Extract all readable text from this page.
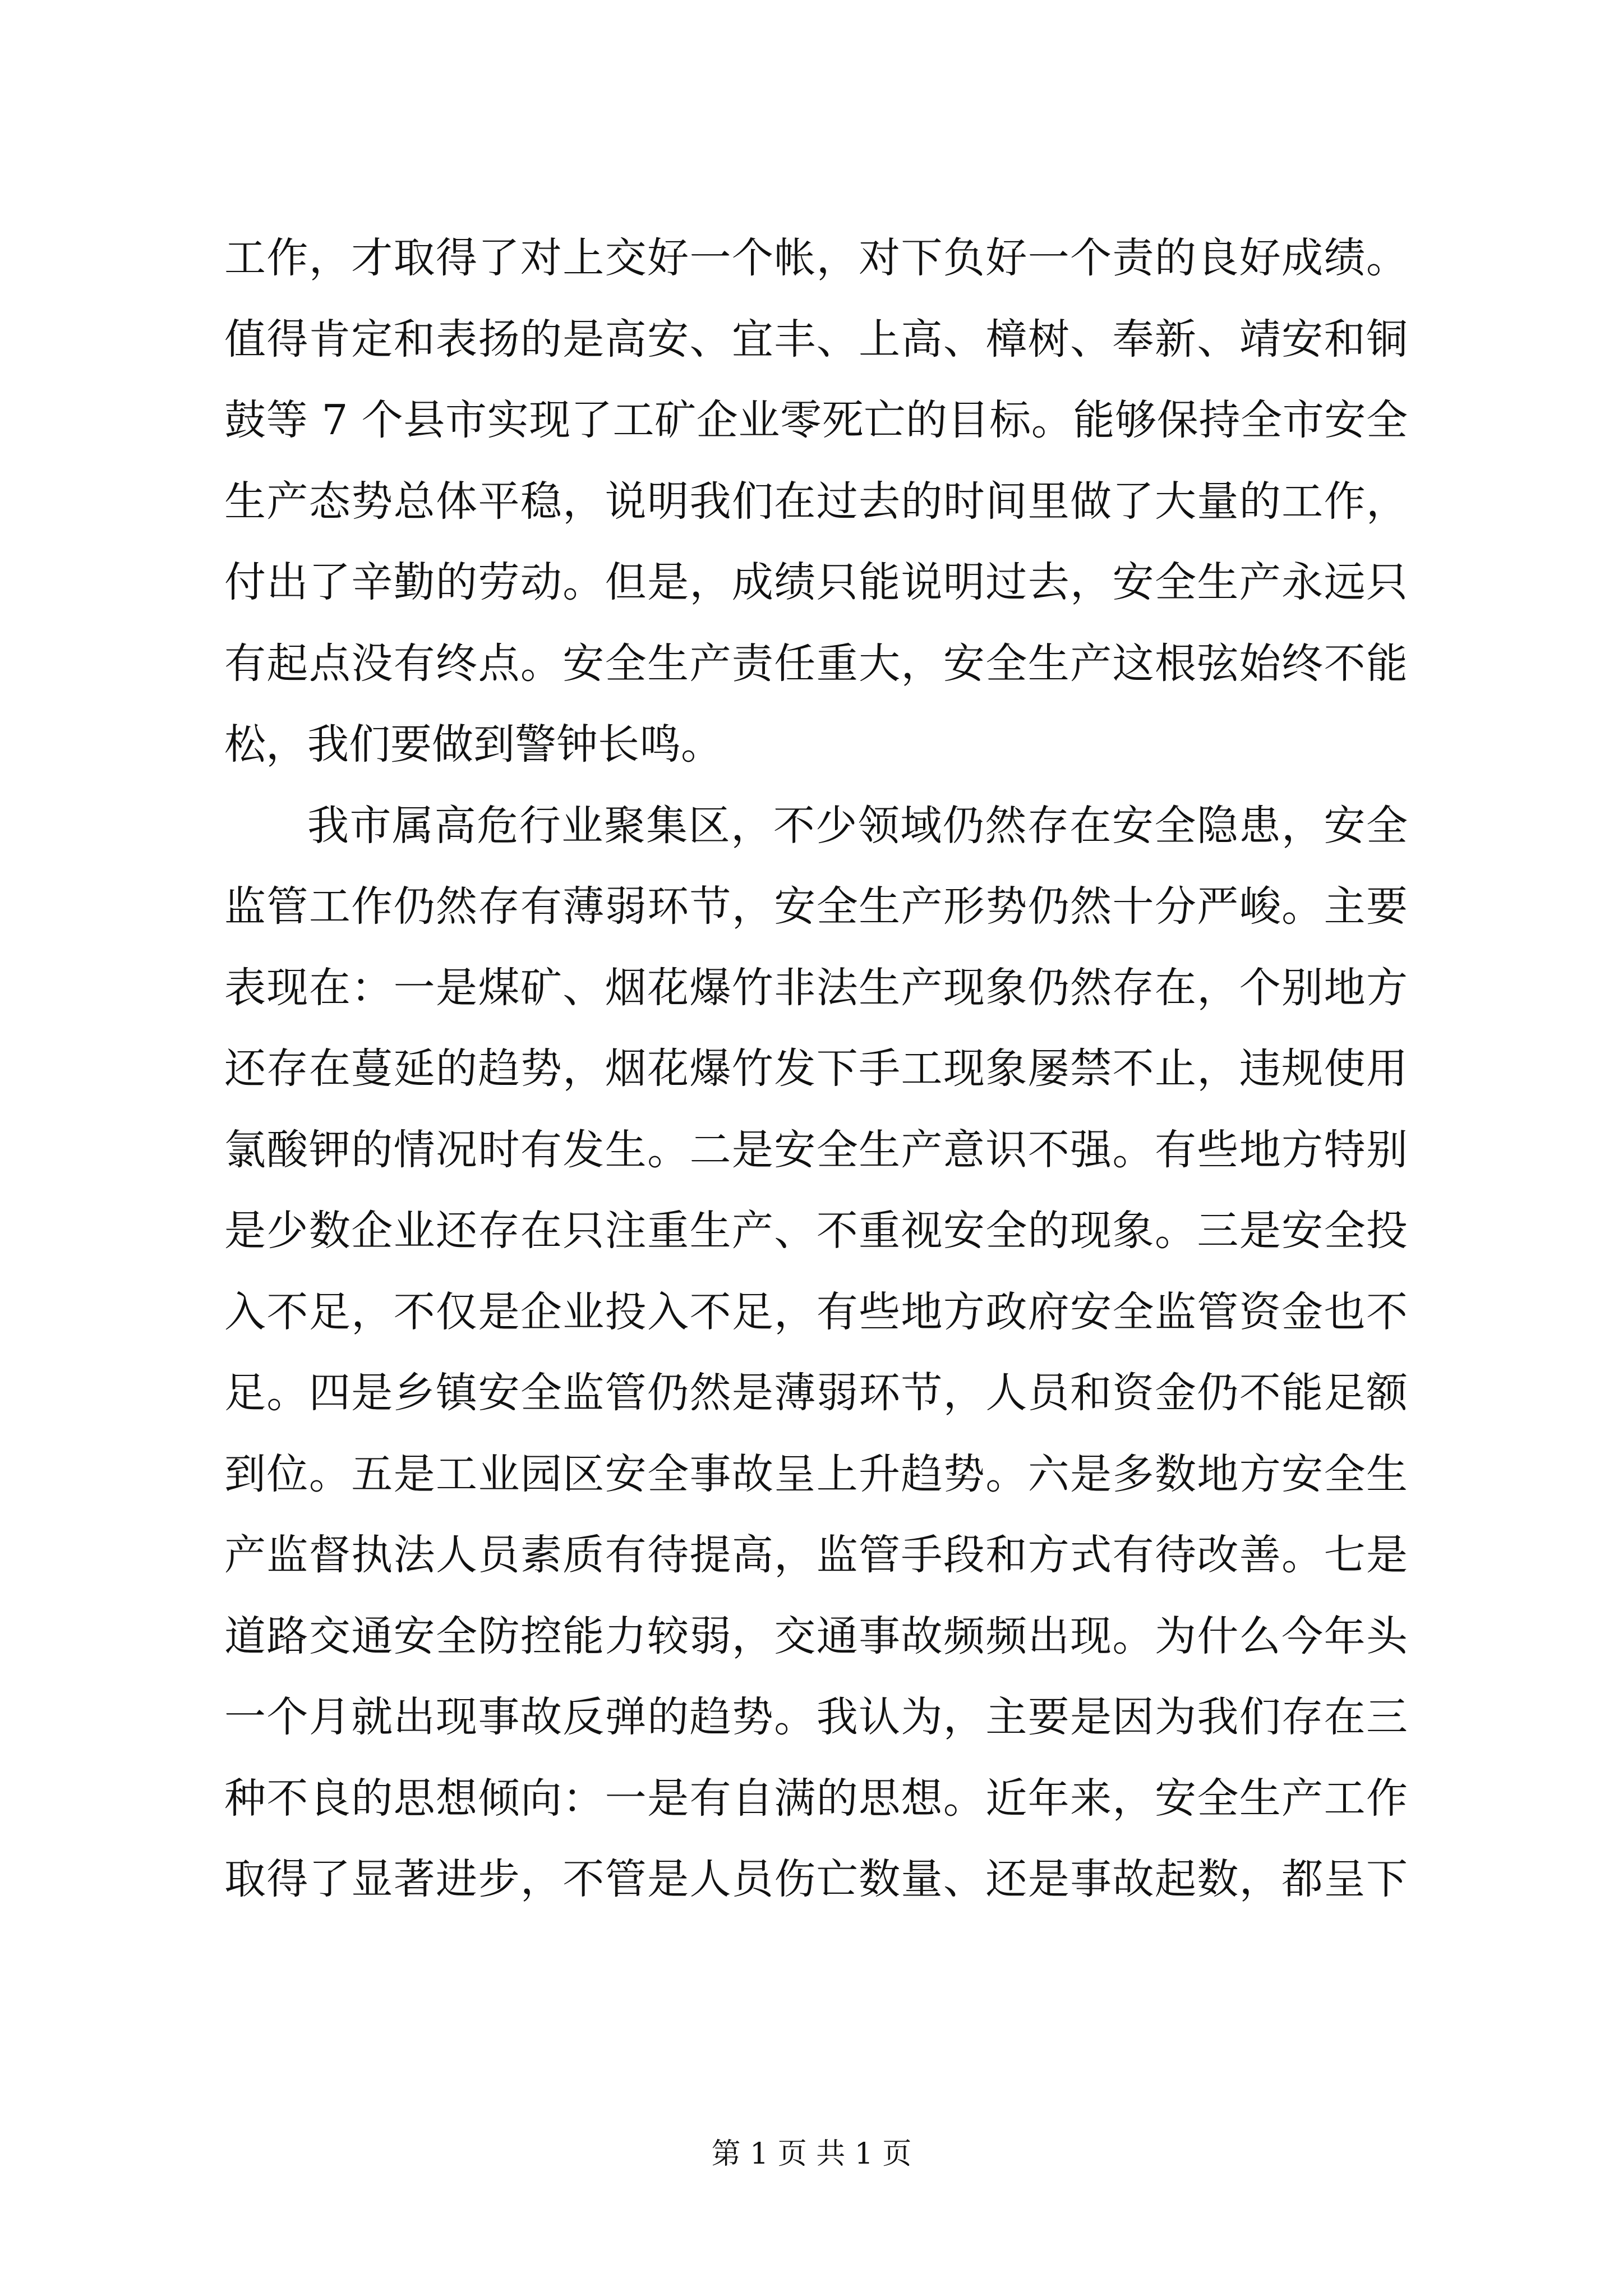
工作，才取得了对上交好一个帐，对下负好一个责的良好成绩。
值得肯定和表扬的是高安、宜丰、上高、樟树、奉新、靖安和铜
鼓等 7 个县市实现了工矿企业零死亡的目标。能够保持全市安全
生产态势总体平稳，说明我们在过去的时间里做了大量的工作，
付出了辛勤的劳动。但是，成绩只能说明过去，安全生产永远只
有起点没有终点。安全生产责任重大，安全生产这根弦始终不能
松，我们要做到警钟长鸣。
我市属高危行业聚集区，不少领域仍然存在安全隐患，安全
监管工作仍然存有薄弱环节，安全生产形势仍然十分严峻。主要
表现在：一是煤矿、烟花爆竹非法生产现象仍然存在，个别地方
还存在蔓延的趋势，烟花爆竹发下手工现象屡禁不止，违规使用
氯酸钾的情况时有发生。二是安全生产意识不强。有些地方特别
是少数企业还存在只注重生产、不重视安全的现象。三是安全投
入不足，不仅是企业投入不足，有些地方政府安全监管资金也不
足。四是乡镇安全监管仍然是薄弱环节，人员和资金仍不能足额
到位。五是工业园区安全事故呈上升趋势。六是多数地方安全生
产监督执法人员素质有待提高，监管手段和方式有待改善。七是
道路交通安全防控能力较弱，交通事故频频出现。为什么今年头
一个月就出现事故反弹的趋势。我认为，主要是因为我们存在三
种不良的思想倾向：一是有自满的思想。近年来，安全生产工作
取得了显著进步，不管是人员伤亡数量、还是事故起数，都呈下
第 1 页 共 1 页
